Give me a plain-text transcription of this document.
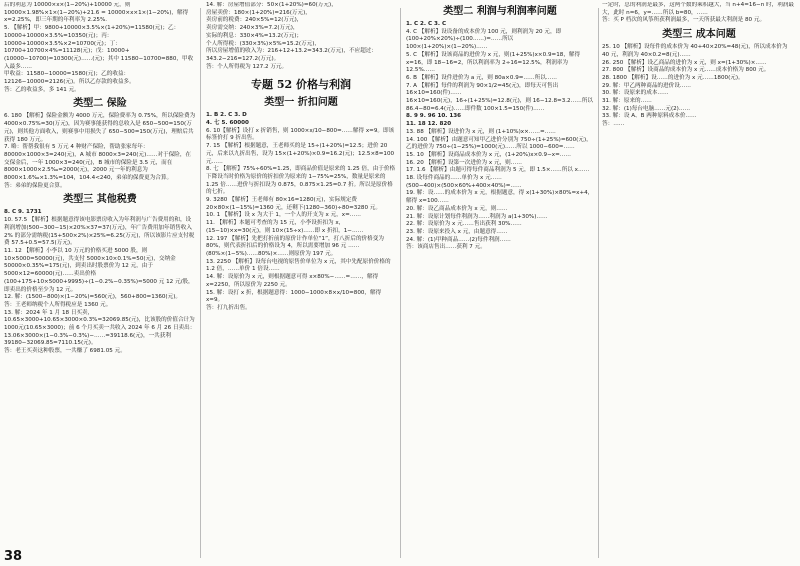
后的利息为 10000×x×(1−20%)+10000 元，则 10000×1.98%×1×(1−20%)+21.6 = 10000×x×1×(1−20%)，解得 x=2.25%，即三年期的年利率为 2.25%.
5. 【解析】甲：9800+10000×3.5%×(1+20%)=11580(元)；乙：10000+10000×3.5%=10350(元)；丙：10000+10000×3.5%×2=10700(元)；丁：10700+10700×4%=11128(元)；戊：10000+(10000−10700)=10300(元)……(元)；其中 11580−10700=880，甲收入最多……
甲收益：11580−10000=1580(元)；乙的收益：12126−10000=2126(元)。所以乙存款的收益多。
答：乙的收益多，多 141 元。
类型二 保险
6. 180 【解析】保险金额为 4000 万元，保险费率为 0.75%，所以保险费为 4000×0.75%=30(万元)，因为赛事能获得的总收入是 650−500=150(万元)，则其他方面收入，则赛事中用损失了 650−500=150(万元)，理赔后共获得 180 万元。
7. 略：帮帮我很有 5 万元 4 种财产保险，帮助张家每年：80000×1000×3=240(元)，A 城市 8000×3=240(元)……对于保险，在交保金后，一年 1000×3=240(元)，B 城市的保险是 3.5 元，而在 8000×1000×2.5‰=2000(元)，2000 元一年的利息为 8000×1.6‰×1.3%=104，104.4<240，弟弟的保费更为合算。
答：弟弟的保险更合算。
类型三 其他税费
8. C 9. 1731
10. 57.5 【解析】根据题意得该电影票房收入为年利润与广告费用的和，设利润增加(500−300−15)×20%×37=37(万元)，年广告费用加年销售收入 2% 的部分需纳税(15+500×2%)×25%=6.25(万元)，所以该影片应支付税费 57.5+0.5=57.5(万元)。
11. 12 【解析】小李以 10 万元的价格买进 5000 股，则 10×5000=50000(元)，共支付 5000×10×0.1%=50(元)，交纳金 50000×0.35%=175(元)，到卖出时股票价为 12 元，由于 5000×12=60000(元)……卖出价格(100+175+10×5000+9995)÷(1−0.2%−0.35%)≈5000 元 12 元/股，即卖出的价格至少为 12 元。
12. 解：(1500−800)×(1−20%)=560(元)，560+800=1360(元)。
答：王老师纳税个人所得税应是 1360 元。
13. 解：2024 年 1 月 18 日买卖，10.65×3000+10.65×3000×0.3%=32069.85(元)，比该股的价值合计为 1000元(10.65×3000)；前 6 个月买卖一共收入 2024 年 6 月 26 日卖出：13.06×3000×(1−0.3%−0.3%)−……=39118.6(元)，一共获利 39180−32069.85=7110.15(元)。
答：老王买卖这种股票，一共赚了 6981.05 元。
14. 解：房屋增值部分：50×(1+20%)=60(万元)，
房屋卖价：180×(1+20%)=216(万元)，
卖房前的税费：240×5%=12(万元)，
卖房需交纳：240×3%=7.2(万元)，
实际的利息：330×4%=13.2(万元)；
个人所得税：(330×3%)×5%=15.2(万元)，
所以房屋增值的收入为：216+12+13.2=343.2(万元)，不应超过：343.2−216=127.2(万元)。
答：个人所得税为 127.2 万元。
专题 52 价格与利润
类型一 折扣问题
1. B 2. C 3. D
4. 七 5. 60000
6. 10【解析】设打 x 折销售，则 1000×x/10−800=……解得 x=9。即该标签价打 9 折出售。
7. 15 【解析】根据题意，王老师买的是 15÷(1+20%)=12.5；进价 20 元，后来以九折出售，设为 15×(1+20%)×0.9=16.2(元)；12.5×8=100 元……
8. 七 【解析】75%÷60%=1.25，即商品价值是原来的 1.25 倍，由于价格下降设当时价格为原价的折扣价为原来的 1−75%=25%，数量是原来的 1.25 倍……进价与折扣设为 0.875，0.875×1.25=0.7 折。所以是原价格的七折。
9. 3280 【解析】王老师有 80×16=1280(元)，实际规定费 20×80×(1−15%)=1360 元，还剩下(1280−360)÷80=3280 元。
10. 1 【解析】设 x 为大于 1，一个人的开支为 x 元，x=……
11. 【解析】本题可考查的为 15 元，小李设折扣为 x，(15−10)×x=30(元)，则 10×(15÷x)……即 x 折扣，1−……
12. 197 【解析】先把打折前的原价计作单位“1”，打八折后的价格变为 80%，则代表折扣后的价格设为 4，所以需要增加 96 元 ……(80%×(1−5%)……80%)×……则原价为 197 元。
13. 2250 【解析】设每台电视的原售价单位为 x 元，其中先配原价价格的 1.2 倍，……单价 1 倍设……
14. 解：设原价为 x 元，则根据题意可得 x×80%−……=……，解得 x=2250，所以原价为 2250 元。
15. 解：设打 x 折，根据题意得：1000−1000×8×x/10=800，解得 x=9。
答：打九折出售。
类型二 利润与利润率问题
1. C 2. C 3. C
4. C 【解析】设设备的成本价为 100 元，则利润为 20 元，即(100+20%×20%)÷(100……)=……所以 100×(1+20%)×(1−20%)……
5. C 【解析】设该商品的进价为 x 元，则(1+25%)x×0.9=18，解得 x=16，即 18−16=2，所以利润率为 2÷16=12.5%，利润率为 12.5%……
6. B 【解析】设件进价为 a 元，则 80a×0.9=……所以……
7. A 【解析】每件的利润为 90×1/2=45(元)，即每天可售出 16×10=160(件)……
16×10=160(元)，16÷(1+25%)=12.8(元)，则 16−12.8=3.2……所以 86.4−80=6.4(元)……即件数 100×1.5=150(件)……
8. 9 9. 96 10. 136
11. 18 12. 820
13. 88 【解析】设进价为 x 元，则 (1+10%)x×……=……
14. 100 【解析】由题意可知甲乙进价分别为 750÷(1+25%)=600(元)，乙的进价为 750÷(1−25%)=1000(元)……所以 1000−600=……
15. 10 【解析】设商品成本价为 x 元，(1+20%)x×0.9−x=……
16. 20 【解析】设第一次进价为 x 元，则……
17. 1.6 【解析】由题可得每件商品利润为 5 元，即 1.5×……所以 x……
18. 设每件商品的……单价为 x 元……(500−400)×(500×60%+400×40%)=……
19. 解：设……的成本价为 x 元，根据题意，得 x(1+30%)×80%=x+4，解得 x=100……
20. 解：设乙商品成本价为 x 元，则……
21. 解：设原计划每件利润为……利润为 a(1+30%)……
22. 解：设原价为 x 元……售出获利 30%……
23. 解：设原来投入 x 元，由题意得……
24. 解：(1)甲种商品……(2)每件利润……
答：该商店售出……获利 7 元。
一定时，总的利润是最多，这两个数的乘积越大，当 n+4=16−n 时，利润最大，此时 n=6，y=……所以 b=80，……
答：买 P 档次的风筝所获利润最多，一天所获最大利润是 80 元。
类型三 成本问题
25. 10 【解析】设每件的成本价为 40+40×20%=48(元)，所以成本价为 40 元，利润为 40×0.2=8(元)……
26. 250 【解析】设乙商品的进价为 x 元，则 x=(1+30%)×……
27. 800 【解析】设商品的成本价为 x 元……成本价格为 800 元。
28. 1800 【解析】设……的进价为 x 元……1800(元)。
29. 解：甲乙两种商品的进价设……
30. 解：设原来的成本……
31. 解：原来的……
32. 解：(1)每台电脑……元(2)……
33. 解：设 A、B 两种原料成本价……
答：……
38
